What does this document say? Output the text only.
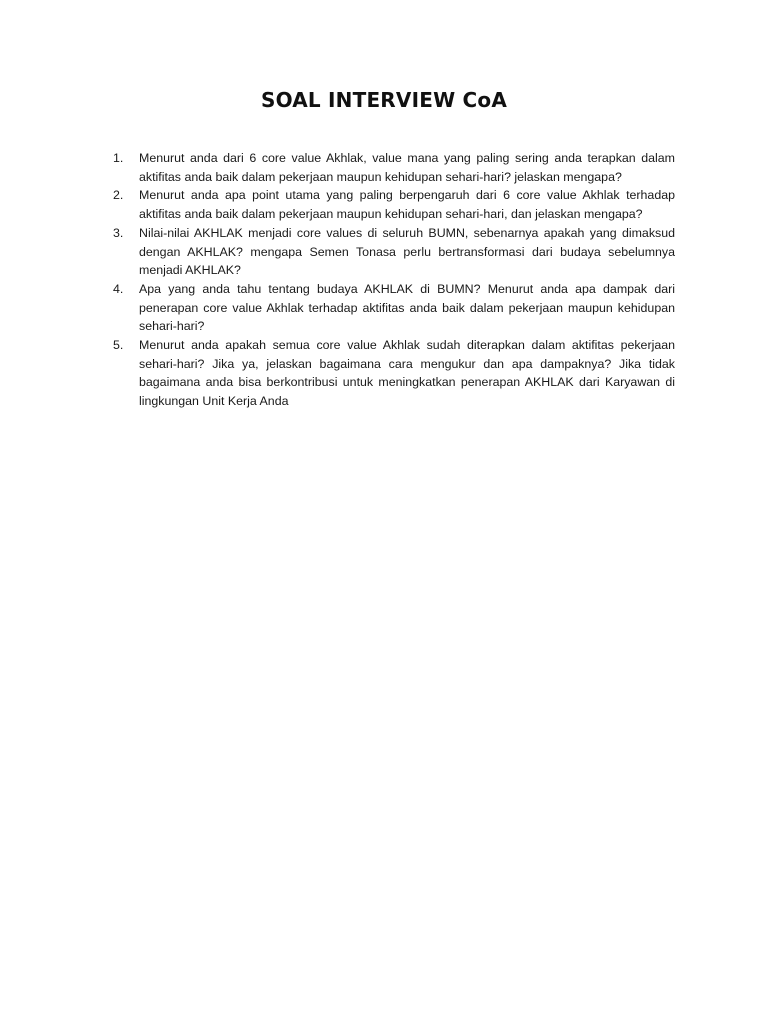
SOAL INTERVIEW CoA
1.	Menurut anda dari 6 core value Akhlak, value mana yang paling sering anda terapkan dalam aktifitas anda baik dalam pekerjaan maupun kehidupan sehari-hari? jelaskan mengapa?
2.	Menurut anda apa point utama yang paling berpengaruh dari 6 core value Akhlak terhadap aktifitas anda baik dalam pekerjaan maupun kehidupan sehari-hari, dan jelaskan mengapa?
3.	Nilai-nilai AKHLAK menjadi core values di seluruh BUMN, sebenarnya apakah yang dimaksud dengan AKHLAK? mengapa Semen Tonasa perlu bertransformasi dari budaya sebelumnya menjadi AKHLAK?
4.	Apa yang anda tahu tentang budaya AKHLAK di BUMN? Menurut anda apa dampak dari penerapan core value Akhlak terhadap aktifitas anda baik dalam pekerjaan maupun kehidupan sehari-hari?
5.	Menurut anda apakah semua core value Akhlak sudah diterapkan dalam aktifitas pekerjaan sehari-hari? Jika ya, jelaskan bagaimana cara mengukur dan apa dampaknya? Jika tidak bagaimana anda bisa berkontribusi untuk meningkatkan penerapan AKHLAK dari Karyawan di lingkungan Unit Kerja Anda
